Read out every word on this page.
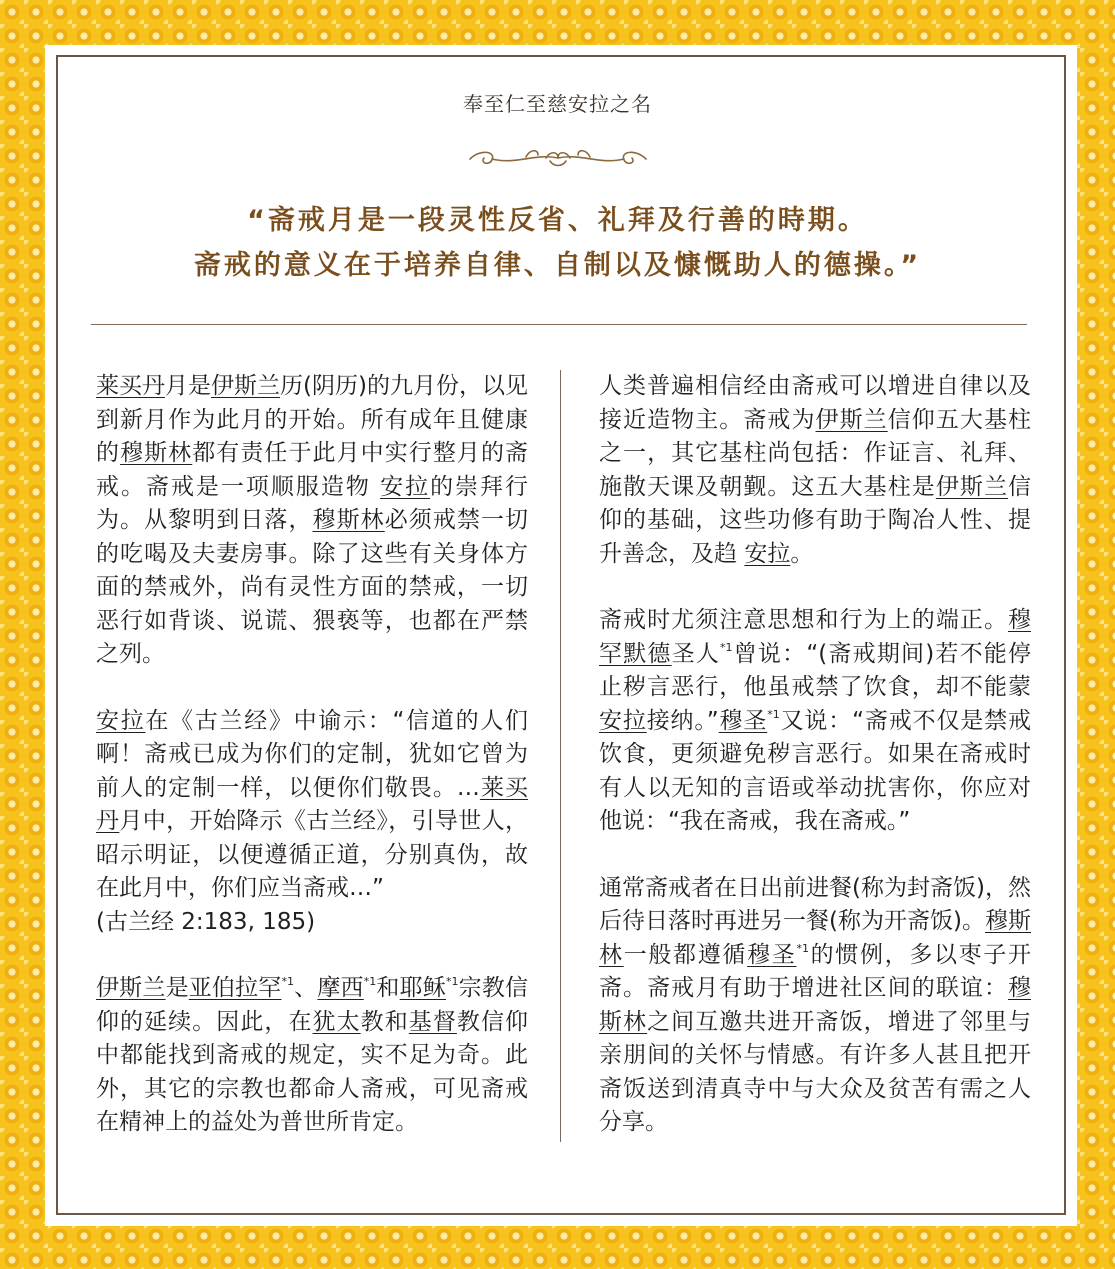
奉至仁至慈安拉之名
“斋戒月是一段灵性反省、礼拜及行善的時期。
斋戒的意义在于培养自律、自制以及慷慨助人的德操。”

莱买丹月是伊斯兰历(阴历)的九月份，以见到新月作为此月的开始。所有成年且健康的穆斯林都有责任于此月中实行整月的斋戒。斋戒是一项顺服造物 安拉的崇拜行为。从黎明到日落，穆斯林必须戒禁一切的吃喝及夫妻房事。除了这些有关身体方面的禁戒外，尚有灵性方面的禁戒，一切恶行如背谈、说谎、猥亵等，也都在严禁之列。

安拉在《古兰经》中谕示：“信道的人们啊！斋戒已成为你们的定制，犹如它曾为前人的定制一样，以便你们敬畏。…莱买丹月中，开始降示《古兰经》，引导世人，昭示明证，以便遵循正道，分别真伪，故在此月中，你们应当斋戒…”
(古兰经 2:183, 185)

伊斯兰是亚伯拉罕$^{*1}$、摩西$^{*1}$和耶稣$^{*1}$宗教信仰的延续。因此，在犹太教和基督教信仰中都能找到斋戒的规定，实不足为奇。此外，其它的宗教也都命人斋戒，可见斋戒在精神上的益处为普世所肯定。

人类普遍相信经由斋戒可以增进自律以及接近造物主。斋戒为伊斯兰信仰五大基柱之一，其它基柱尚包括：作证言、礼拜、施散天课及朝觐。这五大基柱是伊斯兰信仰的基础，这些功修有助于陶冶人性、提升善念，及趋 安拉。

斋戒时尤须注意思想和行为上的端正。穆罕默德圣人$^{*1}$曾说：“(斋戒期间)若不能停止秽言恶行，他虽戒禁了饮食，却不能蒙安拉接纳。”穆圣$^{*1}$又说：“斋戒不仅是禁戒饮食，更须避免秽言恶行。如果在斋戒时有人以无知的言语或举动扰害你，你应对他说：“我在斋戒，我在斋戒。”

通常斋戒者在日出前进餐(称为封斋饭)，然后待日落时再进另一餐(称为开斋饭)。穆斯林一般都遵循穆圣$^{*1}$的惯例，多以枣子开斋。斋戒月有助于增进社区间的联谊：穆斯林之间互邀共进开斋饭，增进了邻里与亲朋间的关怀与情感。有许多人甚且把开斋饭送到清真寺中与大众及贫苦有需之人分享。
